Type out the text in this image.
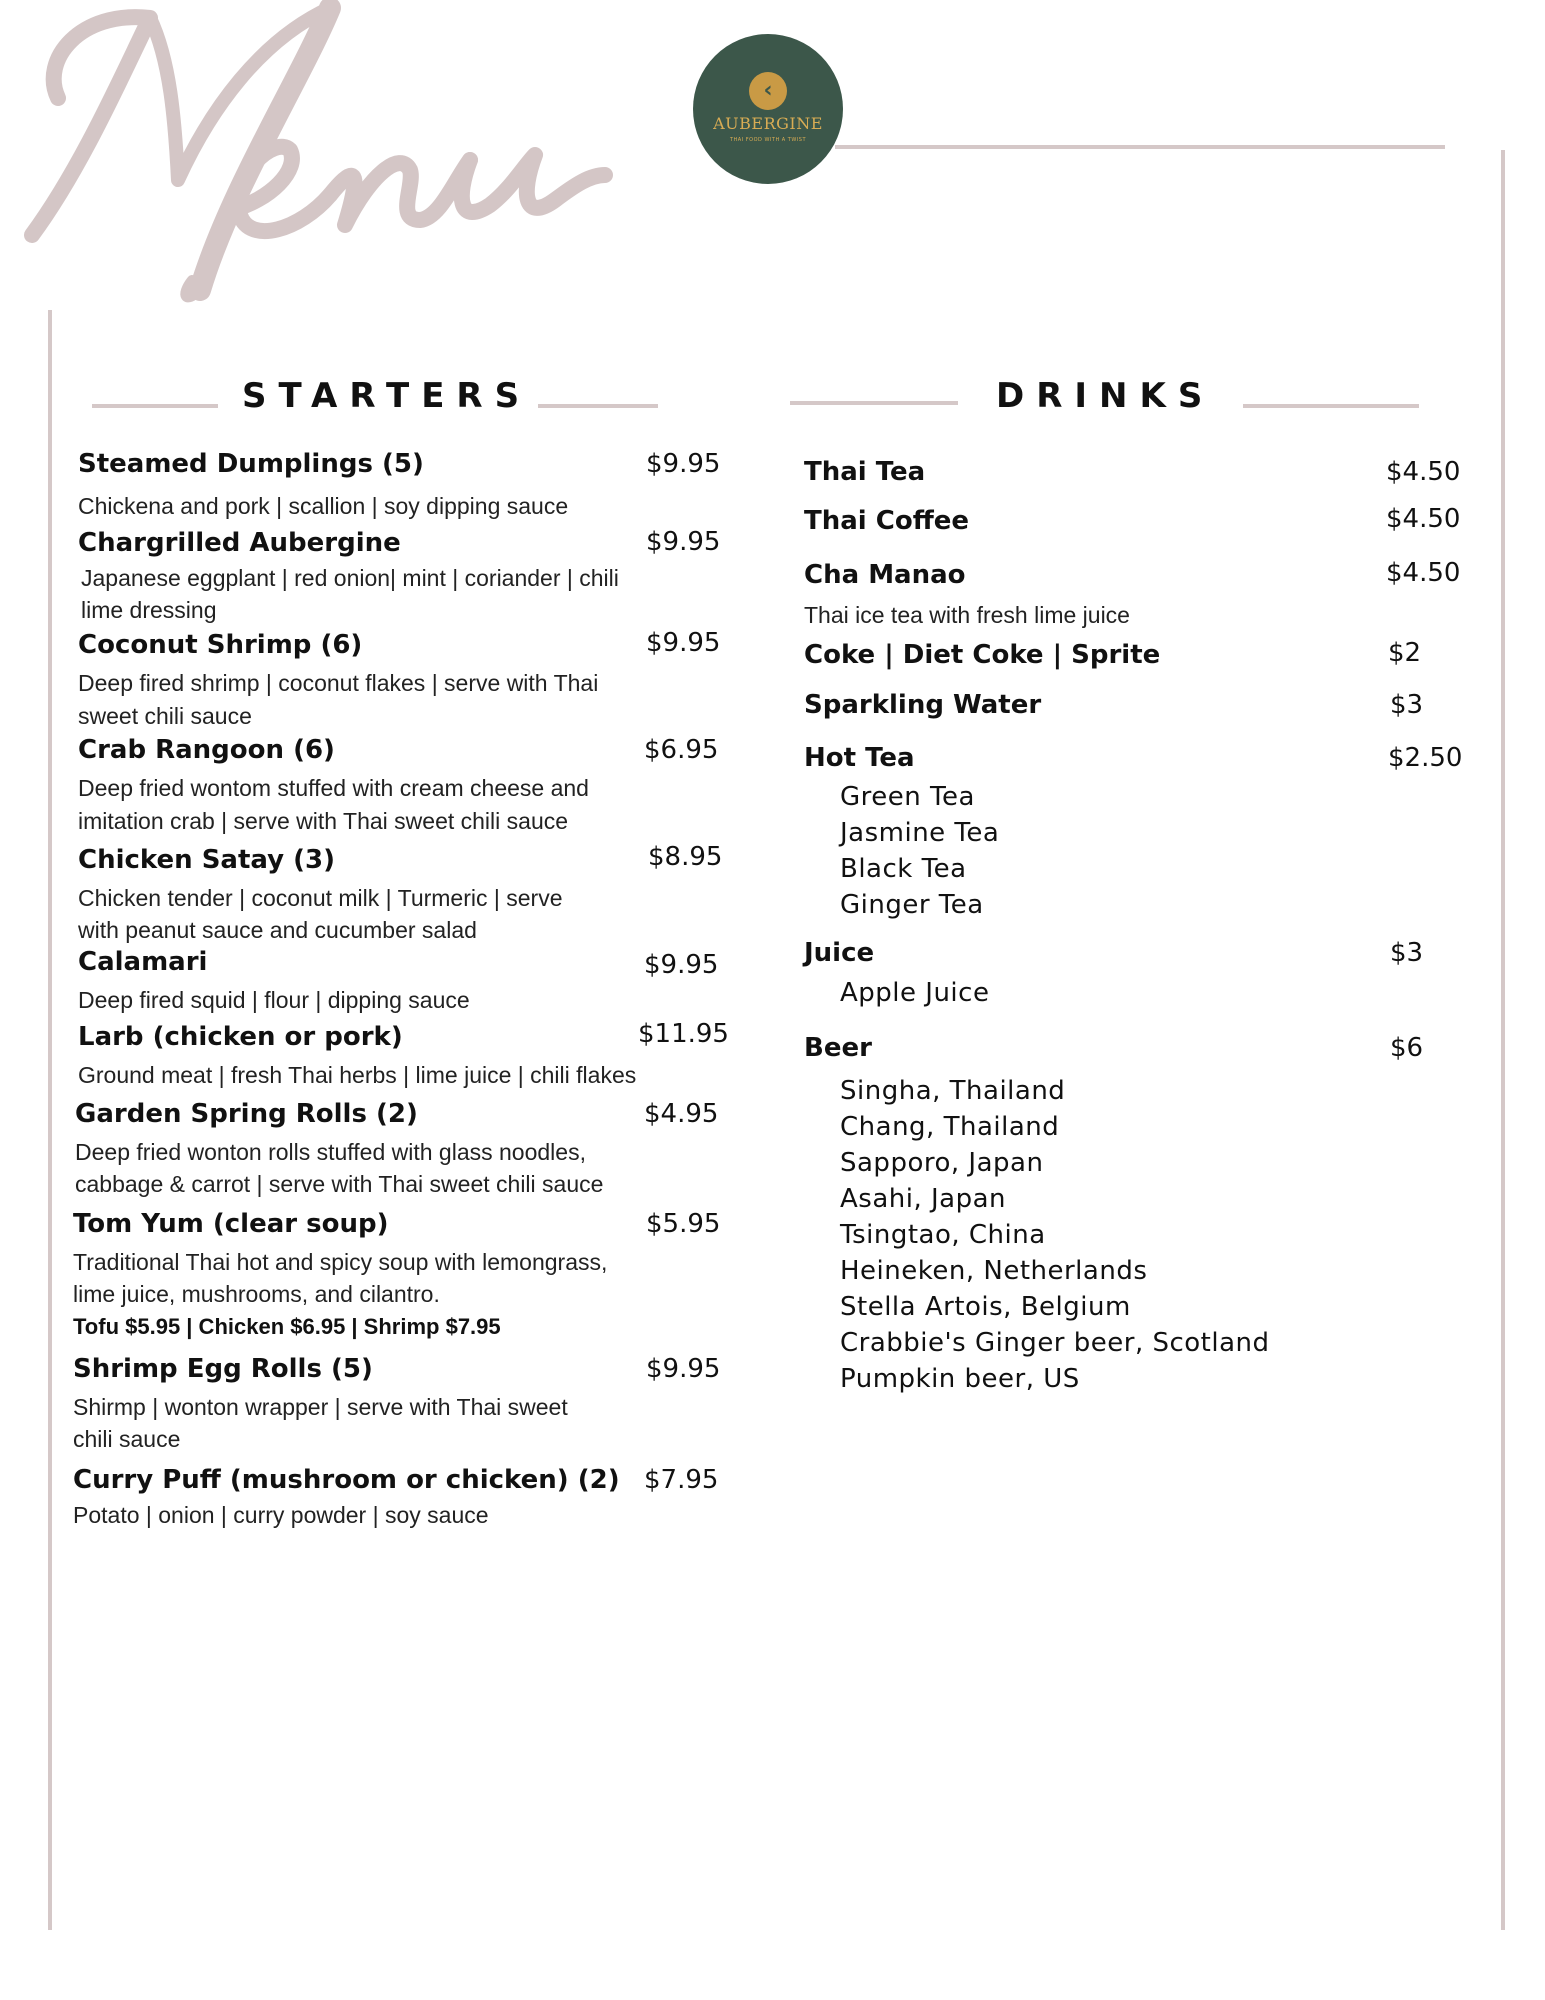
‹
AUBERGINE
THAI FOOD WITH A TWIST
STARTERS	DRINKS
Steamed Dumplings (5)	$9.95
Chickena and pork | scallion | soy dipping sauce
Chargrilled Aubergine	$9.95
Japanese eggplant | red onion| mint | coriander | chili
lime dressing
Coconut Shrimp (6)	$9.95
Deep fired shrimp | coconut flakes | serve with Thai
sweet chili sauce
Crab Rangoon (6)	$6.95
Deep fried wontom stuffed with cream cheese and
imitation crab | serve with Thai sweet chili sauce
Chicken Satay (3)	$8.95
Chicken tender | coconut milk | Turmeric | serve
with peanut sauce and cucumber salad
Calamari	$9.95
Deep fired squid | flour | dipping sauce
Larb (chicken or pork)	$11.95
Ground meat | fresh Thai herbs | lime juice | chili flakes
Garden Spring Rolls (2)	$4.95
Deep fried wonton rolls stuffed with glass noodles,
cabbage & carrot | serve with Thai sweet chili sauce
Tom Yum (clear soup)	$5.95
Traditional Thai hot and spicy soup with lemongrass,
lime juice, mushrooms, and cilantro.
Tofu $5.95 | Chicken $6.95 | Shrimp $7.95
Shrimp Egg Rolls (5)	$9.95
Shirmp | wonton wrapper | serve with Thai sweet
chili sauce
Curry Puff (mushroom or chicken) (2) $7.95
Potato | onion | curry powder | soy sauce
Thai Tea	$4.50
Thai Coffee	$4.50
Cha Manao	$4.50
Thai ice tea with fresh lime juice
Coke | Diet Coke | Sprite	$2
Sparkling Water	$3
Hot Tea	$2.50
Green Tea
Jasmine Tea
Black Tea
Ginger Tea
Juice	$3
Apple Juice
Beer	$6
Singha, Thailand
Chang, Thailand
Sapporo, Japan
Asahi, Japan
Tsingtao, China
Heineken, Netherlands
Stella Artois, Belgium
Crabbie's Ginger beer, Scotland
Pumpkin beer, US
